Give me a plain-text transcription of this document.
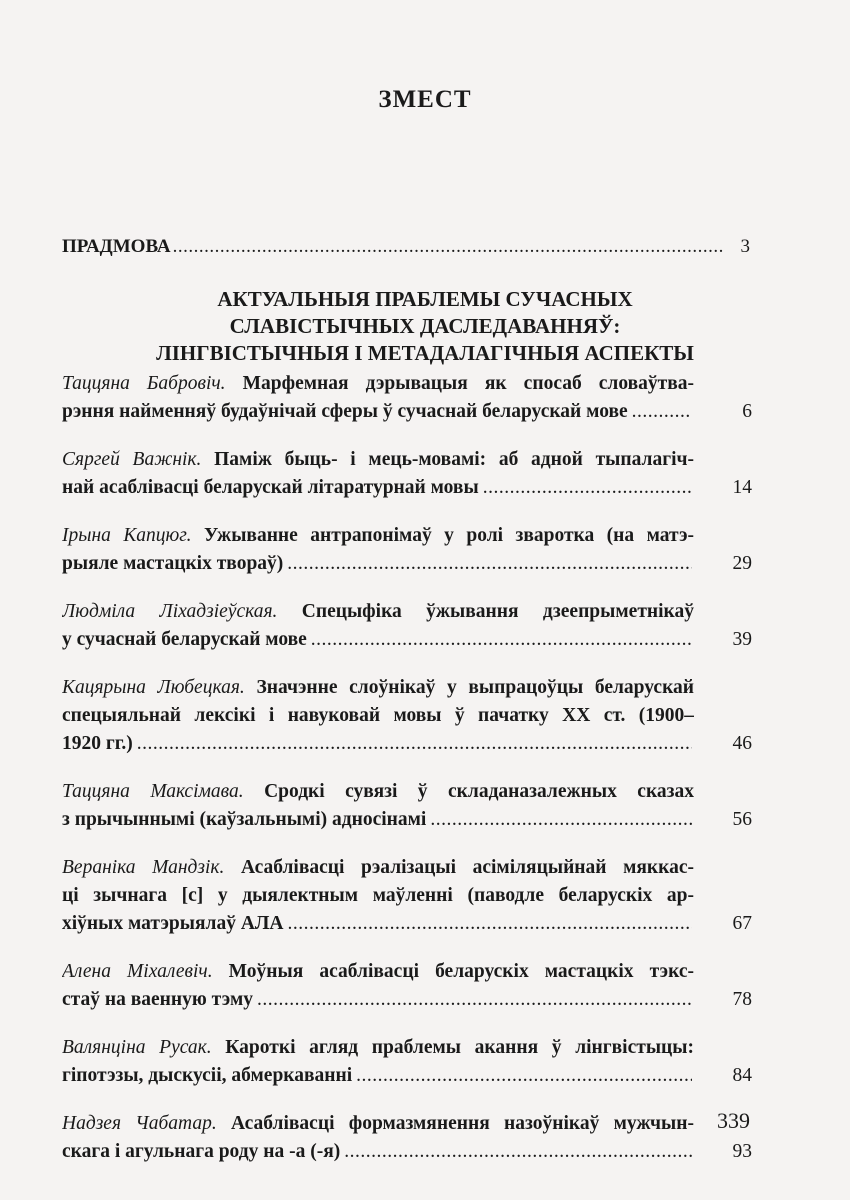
ЗМЕСТ
ПРАДМОВА .....	3
АКТУАЛЬНЫЯ ПРАБЛЕМЫ СУЧАСНЫХ
СЛАВІСТЫЧНЫХ ДАСЛЕДАВАННЯЎ:
ЛІНГВІСТЫЧНЫЯ І МЕТАДАЛАГІЧНЫЯ АСПЕКТЫ
Таццяна Бабровіч. Марфемная дэрывацыя як спосаб словаўтва-
рэння найменняў будаўнічай сферы ў сучаснай беларускай мове .....	6
Сяргей Важнік. Паміж быць- і мець-мовамі: аб адной тыпалагіч-
най асаблівасці беларускай літаратурнай мовы .....	14
Ірына Капцюг. Ужыванне антрапонімаў у ролі зваротка (на матэ-
рыяле мастацкіх твораў) .....	29
Людміла Ліхадзіеўская. Спецыфіка ўжывання дзеепрыметнікаў
у сучаснай беларускай мове .....	39
Кацярына Любецкая. Значэнне слоўнікаў у выпрацоўцы беларускай
спецыяльнай лексікі і навуковай мовы ў пачатку XX ст. (1900–
1920 гг.) .....	46
Таццяна Максімава. Сродкі сувязі ў складаназалежных сказах
з прычыннымі (каўзальнымі) адносінамі .....	56
Вераніка Мандзік. Асаблівасці рэалізацыі асіміляцыйнай мяккас-
ці зычнага [с] у дыялектным маўленні (паводле беларускіх ар-
хіўных матэрыялаў АЛА .....	67
Алена Міхалевіч. Моўныя асаблівасці беларускіх мастацкіх тэкс-
стаў на ваенную тэму .....	78
Валянціна Русак. Кароткі агляд праблемы акання ў лінгвістыцы:
гіпотэзы, дыскусіі, абмеркаванні .....	84
Надзея Чабатар. Асаблівасці формазмянення назоўнікаў мужчын-
скага і агульнага роду на -а (-я) .....	93
339
